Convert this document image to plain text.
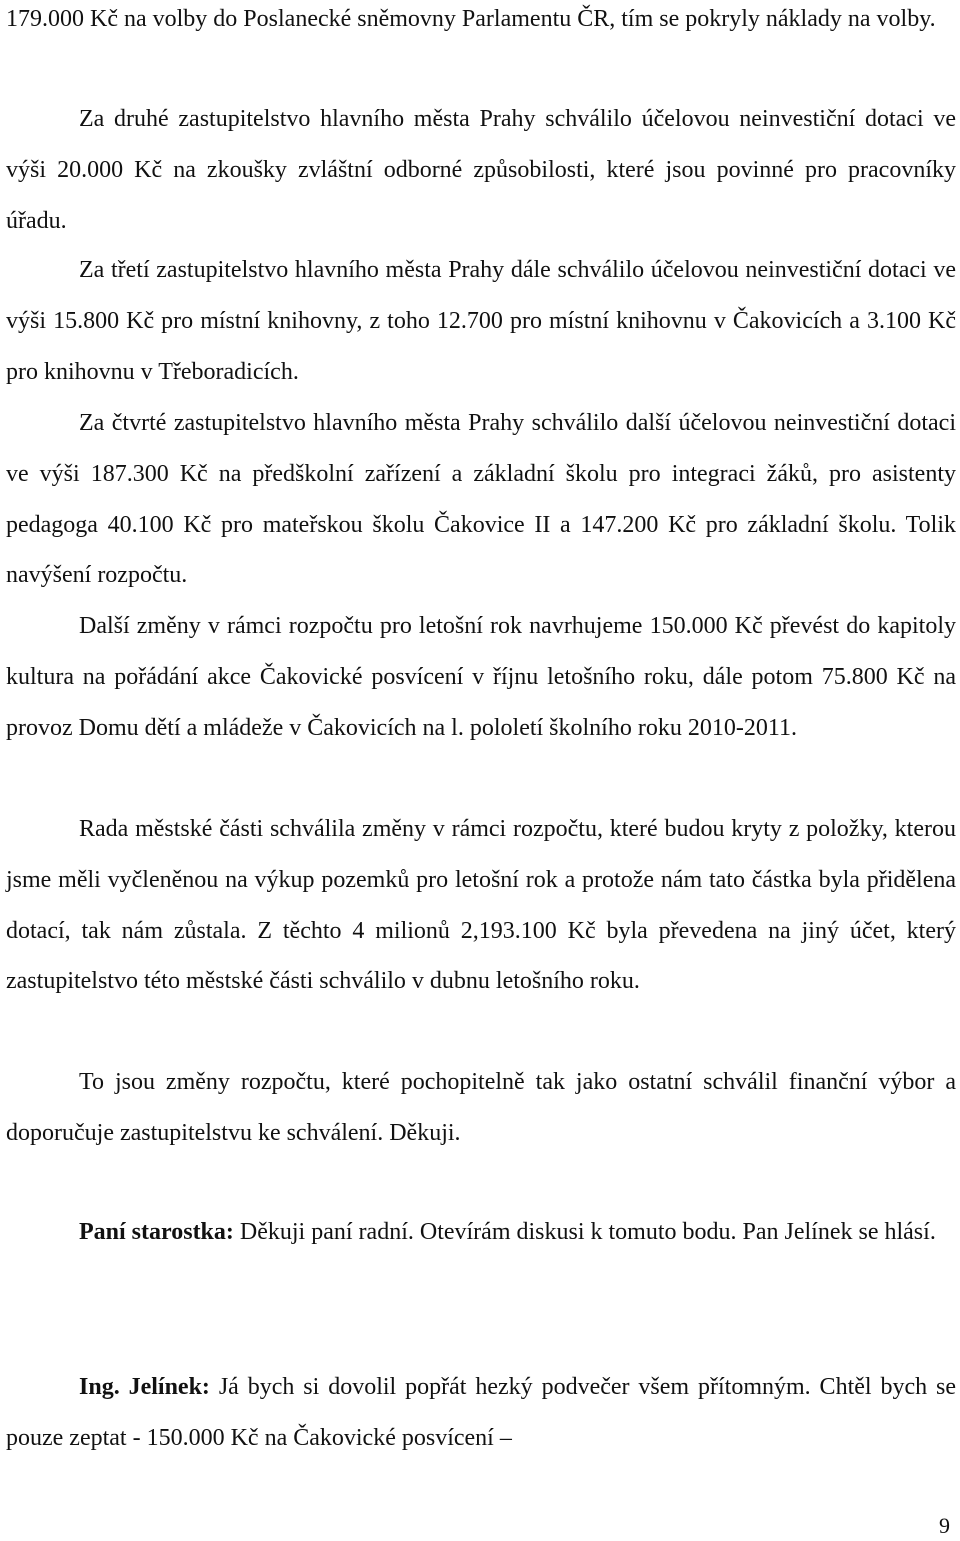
179.000 Kč na volby do Poslanecké sněmovny Parlamentu ČR, tím se pokryly náklady na volby.

Za druhé zastupitelstvo hlavního města Prahy schválilo účelovou neinvestiční dotaci ve výši 20.000 Kč na zkoušky zvláštní odborné způsobilosti, které jsou povinné pro pracovníky úřadu.

Za třetí zastupitelstvo hlavního města Prahy dále schválilo účelovou neinvestiční dotaci ve výši 15.800 Kč pro místní knihovny, z toho 12.700 pro místní knihovnu v Čakovicích a 3.100 Kč pro knihovnu v Třeboradicích.

Za čtvrté zastupitelstvo hlavního města Prahy schválilo další účelovou neinvestiční dotaci ve výši 187.300 Kč na předškolní zařízení a základní školu pro integraci žáků, pro asistenty pedagoga 40.100 Kč pro mateřskou školu Čakovice II a 147.200 Kč pro základní školu. Tolik navýšení rozpočtu.

Další změny v rámci rozpočtu pro letošní rok navrhujeme 150.000 Kč převést do kapitoly kultura na pořádání akce Čakovické posvícení v říjnu letošního roku, dále potom 75.800 Kč na provoz Domu dětí a mládeže v Čakovicích na l. pololetí školního roku 2010-2011.

Rada městské části schválila změny v rámci rozpočtu, které budou kryty z položky, kterou jsme měli vyčleněnou na výkup pozemků pro letošní rok a protože nám tato částka byla přidělena dotací, tak nám zůstala. Z těchto 4 milionů 2,193.100 Kč byla převedena na jiný účet, který zastupitelstvo této městské části schválilo v dubnu letošního roku.

To jsou změny rozpočtu, které pochopitelně tak jako ostatní schválil finanční výbor a doporučuje zastupitelstvu ke schválení. Děkuji.

Paní starostka: Děkuji paní radní. Otevírám diskusi k tomuto bodu. Pan Jelínek se hlásí.

Ing. Jelínek: Já bych si dovolil popřát hezký podvečer všem přítomným. Chtěl bych se pouze zeptat - 150.000 Kč na Čakovické posvícení –

9
